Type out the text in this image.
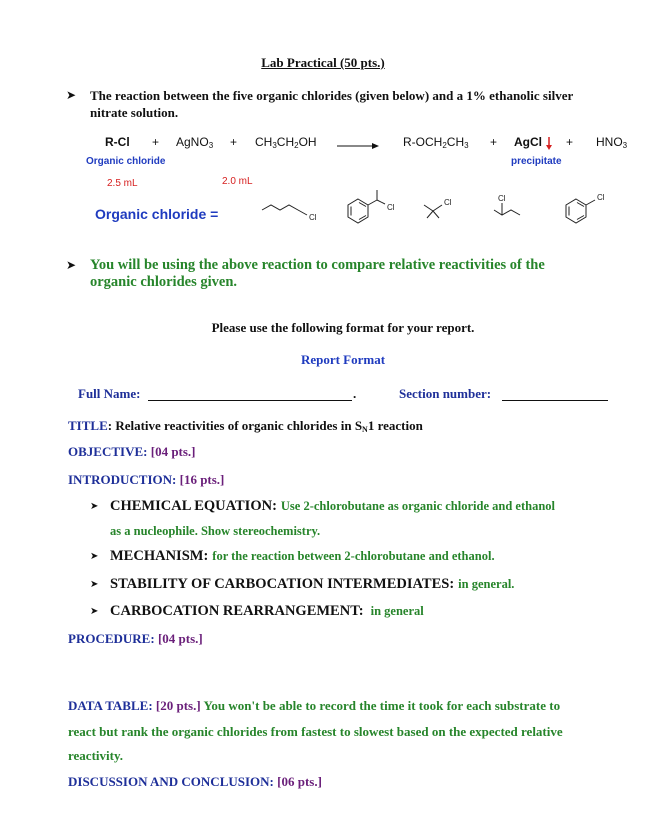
Lab Practical (50 pts.)
➤ The reaction between the five organic chlorides (given below) and a 1% ethanolic silver
nitrate solution.
R-Cl + AgNO$_3$ + $CH_3CH_2OH \to R-OCH_2CH_3$ + AgCl + $HNO_3$
Organic chloride	precipitate
2.5 mL	2.0 mL
Organic chloride =	Cl
Cl
Cl	Cl	Cl
➤ You will be using the above reaction to compare relative reactivities of the
organic chlorides given.
Please use the following format for your report.
Report Format
Full Name:	.	Section number:
TITLE: Relative reactivities of organic chlorides in $S_N1$ reaction
OBJECTIVE: [04 pts.]
INTRODUCTION: [16 pts.]
➤ CHEMICAL EQUATION: Use 2-chlorobutane as organic chloride and ethanol
as a nucleophile. Show stereochemistry.
➤ MECHANISM: for the reaction between 2-chlorobutane and ethanol.
➤ STABILITY OF CARBOCATION INTERMEDIATES: in general.
➤ CARBOCATION REARRANGEMENT: in general
PROCEDURE: [04 pts.]
DATA TABLE: [20 pts.] You won't be able to record the time it took for each substrate to
react but rank the organic chlorides from fastest to slowest based on the expected relative
reactivity.
DISCUSSION AND CONCLUSION: [06 pts.]
